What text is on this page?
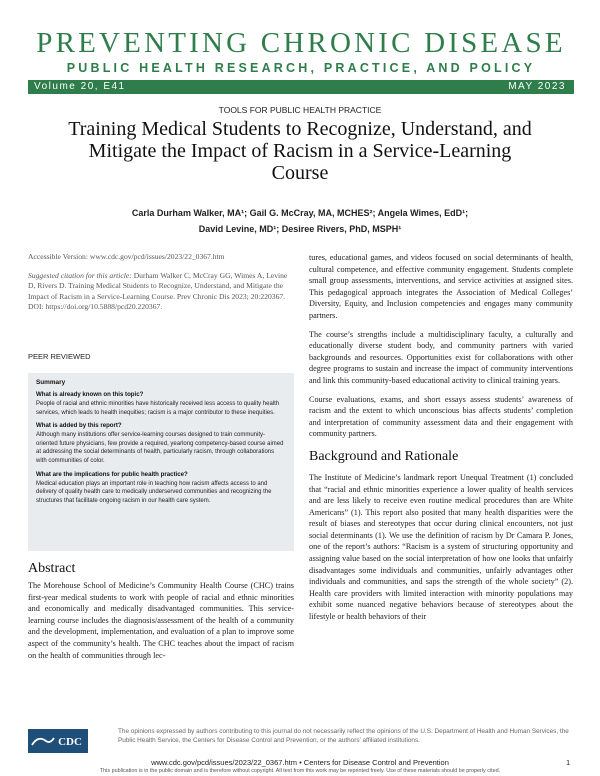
PREVENTING CHRONIC DISEASE
PUBLIC HEALTH RESEARCH, PRACTICE, AND POLICY
Volume 20, E41	MAY 2023
TOOLS FOR PUBLIC HEALTH PRACTICE
Training Medical Students to Recognize, Understand, and Mitigate the Impact of Racism in a Service-Learning Course
Carla Durham Walker, MA¹; Gail G. McCray, MA, MCHES²; Angela Wimes, EdD¹;
David Levine, MD¹; Desiree Rivers, PhD, MSPH¹
Accessible Version: www.cdc.gov/pcd/issues/2023/22_0367.htm
Suggested citation for this article: Durham Walker C, McCray GG, Wimes A, Levine D, Rivers D. Training Medical Students to Recognize, Understand, and Mitigate the Impact of Racism in a Service-Learning Course. Prev Chronic Dis 2023; 20:220367. DOI: https://doi.org/10.5888/pcd20.220367.
PEER REVIEWED
Summary
What is already known on this topic?
People of racial and ethnic minorities have historically received less access to quality health services, which leads to health inequities; racism is a major contributor to these inequities.
What is added by this report?
Although many institutions offer service-learning courses designed to train community-oriented future physicians, few provide a required, yearlong competency-based course aimed at addressing the social determinants of health, particularly racism, through collaborations with communities of color.
What are the implications for public health practice?
Medical education plays an important role in teaching how racism affects access to and delivery of quality health care to medically underserved communities and recognizing the structures that facilitate ongoing racism in our health care system.
Abstract
The Morehouse School of Medicine’s Community Health Course (CHC) trains first-year medical students to work with people of racial and ethnic minorities and economically and medically disadvantaged communities. This service-learning course includes the diagnosis/assessment of the health of a community and the development, implementation, and evaluation of a plan to improve some aspect of the community’s health. The CHC teaches about the impact of racism on the health of communities through lec-
tures, educational games, and videos focused on social determinants of health, cultural competence, and effective community engagement. Students complete small group assessments, interventions, and service activities at assigned sites. This pedagogical approach integrates the Association of Medical Colleges’ Diversity, Equity, and Inclusion competencies and engages many community partners.
The course’s strengths include a multidisciplinary faculty, a culturally and educationally diverse student body, and community partners with varied backgrounds and resources. Opportunities exist for collaborations with other degree programs to sustain and increase the impact of community interventions and link this community-based educational activity to clinical training years.
Course evaluations, exams, and short essays assess students’ awareness of racism and the extent to which unconscious bias affects students’ completion and interpretation of community assessment data and their engagement with community partners.
Background and Rationale
The Institute of Medicine’s landmark report Unequal Treatment (1) concluded that “racial and ethnic minorities experience a lower quality of health services and are less likely to receive even routine medical procedures than are White Americans” (1). This report also posited that many health disparities were the result of biases and stereotypes that occur during clinical encounters, not just social determinants (1). We use the definition of racism by Dr Camara P. Jones, one of the report’s authors: “Racism is a system of structuring opportunity and assigning value based on the social interpretation of how one looks that unfairly disadvantages some individuals and communities, unfairly advantages other individuals and communities, and saps the strength of the whole society” (2). Health care providers with limited interaction with minority populations may exhibit some nuanced negative behaviors because of stereotypes about the lifestyle or health behaviors of their
CDC
The opinions expressed by authors contributing to this journal do not necessarily reflect the opinions of the U.S. Department of Health and Human Services, the Public Health Service, the Centers for Disease Control and Prevention, or the authors’ affiliated institutions.
www.cdc.gov/pcd/issues/2023/22_0367.htm • Centers for Disease Control and Prevention	1
This publication is in the public domain and is therefore without copyright. All text from this work may be reprinted freely. Use of these materials should be properly cited.
